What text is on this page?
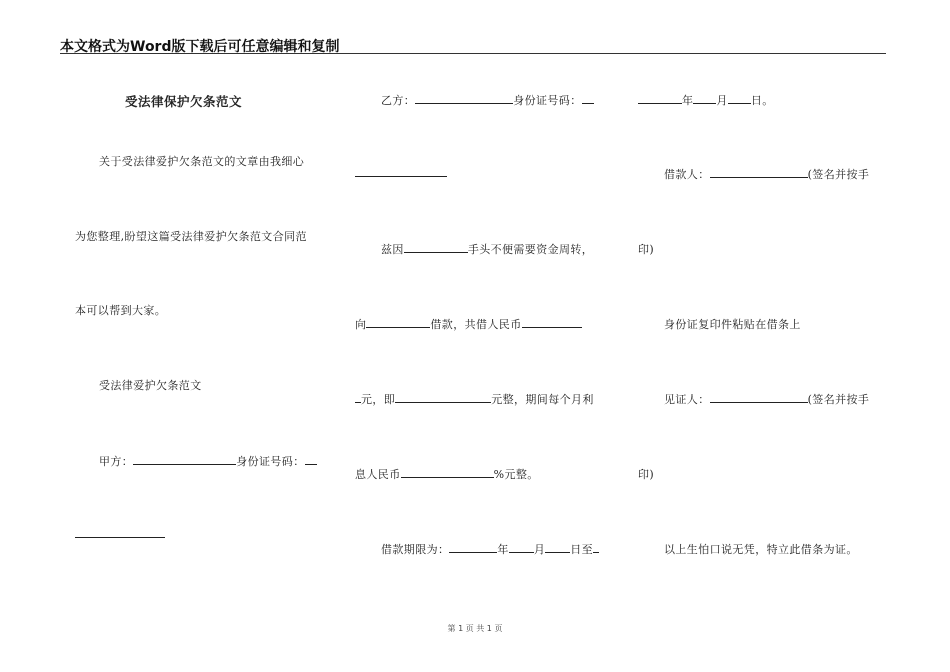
本文格式为Word版下载后可任意编辑和复制
受法律保护欠条范文
关于受法律爱护欠条范文的文章由我细心
为您整理,盼望这篇受法律爱护欠条范文合同范
本可以帮到大家。
受法律爱护欠条范文
甲方：	身份证号码：
乙方：	身份证号码：
兹因	手头不便需要资金周转，
向	借款，共借人民币
元，即	元整，期间每个月利
息人民币	%元整。
借款期限为：	年 月 日至
年 月 日。
借款人：	(签名并按手
印)
身份证复印件粘贴在借条上
见证人：	(签名并按手
印)
以上生怕口说无凭，特立此借条为证。
第 1 页 共 1 页
